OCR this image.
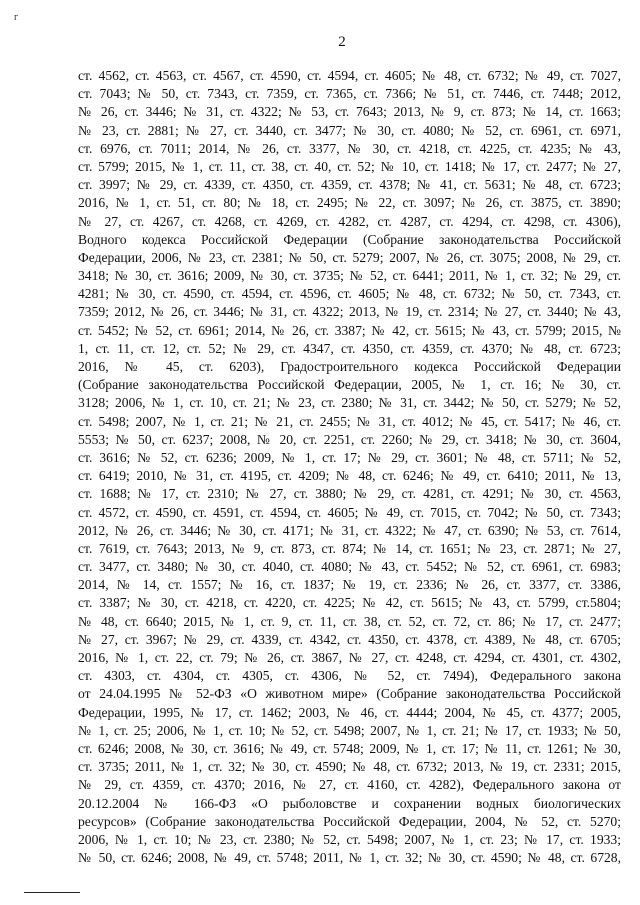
г
2
ст. 4562, ст. 4563, ст. 4567, ст. 4590, ст. 4594, ст. 4605; № 48, ст. 6732; № 49, ст. 7027,
ст. 7043; № 50, ст. 7343, ст. 7359, ст. 7365, ст. 7366; № 51, ст. 7446, ст. 7448; 2012,
№ 26, ст. 3446; № 31, ст. 4322; № 53, ст. 7643; 2013, № 9, ст. 873; № 14, ст. 1663;
№ 23, ст. 2881; № 27, ст. 3440, ст. 3477; № 30, ст. 4080; № 52, ст. 6961, ст. 6971,
ст. 6976, ст. 7011; 2014, № 26, ст. 3377, № 30, ст. 4218, ст. 4225, ст. 4235; № 43,
ст. 5799; 2015, № 1, ст. 11, ст. 38, ст. 40, ст. 52; № 10, ст. 1418; № 17, ст. 2477; № 27,
ст. 3997; № 29, ст. 4339, ст. 4350, ст. 4359, ст. 4378; № 41, ст. 5631; № 48, ст. 6723;
2016, № 1, ст. 51, ст. 80; № 18, ст. 2495; № 22, ст. 3097; № 26, ст. 3875, ст. 3890;
№ 27, ст. 4267, ст. 4268, ст. 4269, ст. 4282, ст. 4287, ст. 4294, ст. 4298, ст. 4306),
Водного кодекса Российской Федерации (Собрание законодательства Российской
Федерации, 2006, № 23, ст. 2381; № 50, ст. 5279; 2007, № 26, ст. 3075; 2008, № 29, ст.
3418; № 30, ст. 3616; 2009, № 30, ст. 3735; № 52, ст. 6441; 2011, № 1, ст. 32; № 29, ст.
4281; № 30, ст. 4590, ст. 4594, ст. 4596, ст. 4605; № 48, ст. 6732; № 50, ст. 7343, ст.
7359; 2012, № 26, ст. 3446; № 31, ст. 4322; 2013, № 19, ст. 2314; № 27, ст. 3440; № 43,
ст. 5452; № 52, ст. 6961; 2014, № 26, ст. 3387; № 42, ст. 5615; № 43, ст. 5799; 2015, №
1, ст. 11, ст. 12, ст. 52; № 29, ст. 4347, ст. 4350, ст. 4359, ст. 4370; № 48, ст. 6723;
2016, № 45, ст. 6203), Градостроительного кодекса Российской Федерации
(Собрание законодательства Российской Федерации, 2005, № 1, ст. 16; № 30, ст.
3128; 2006, № 1, ст. 10, ст. 21; № 23, ст. 2380; № 31, ст. 3442; № 50, ст. 5279; № 52,
ст. 5498; 2007, № 1, ст. 21; № 21, ст. 2455; № 31, ст. 4012; № 45, ст. 5417; № 46, ст.
5553; № 50, ст. 6237; 2008, № 20, ст. 2251, ст. 2260; № 29, ст. 3418; № 30, ст. 3604,
ст. 3616; № 52, ст. 6236; 2009, № 1, ст. 17; № 29, ст. 3601; № 48, ст. 5711; № 52,
ст. 6419; 2010, № 31, ст. 4195, ст. 4209; № 48, ст. 6246; № 49, ст. 6410; 2011, № 13,
ст. 1688; № 17, ст. 2310; № 27, ст. 3880; № 29, ст. 4281, ст. 4291; № 30, ст. 4563,
ст. 4572, ст. 4590, ст. 4591, ст. 4594, ст. 4605; № 49, ст. 7015, ст. 7042; № 50, ст. 7343;
2012, № 26, ст. 3446; № 30, ст. 4171; № 31, ст. 4322; № 47, ст. 6390; № 53, ст. 7614,
ст. 7619, ст. 7643; 2013, № 9, ст. 873, ст. 874; № 14, ст. 1651; № 23, ст. 2871; № 27,
ст. 3477, ст. 3480; № 30, ст. 4040, ст. 4080; № 43, ст. 5452; № 52, ст. 6961, ст. 6983;
2014, № 14, ст. 1557; № 16, ст. 1837; № 19, ст. 2336; № 26, ст. 3377, ст. 3386,
ст. 3387; № 30, ст. 4218, ст. 4220, ст. 4225; № 42, ст. 5615; № 43, ст. 5799, ст.5804;
№ 48, ст. 6640; 2015, № 1, ст. 9, ст. 11, ст. 38, ст. 52, ст. 72, ст. 86; № 17, ст. 2477;
№ 27, ст. 3967; № 29, ст. 4339, ст. 4342, ст. 4350, ст. 4378, ст. 4389, № 48, ст. 6705;
2016, № 1, ст. 22, ст. 79; № 26, ст. 3867, № 27, ст. 4248, ст. 4294, ст. 4301, ст. 4302,
ст. 4303, ст. 4304, ст. 4305, ст. 4306, № 52, ст. 7494), Федерального закона
от 24.04.1995 № 52-ФЗ «О животном мире» (Собрание законодательства Российской
Федерации, 1995, № 17, ст. 1462; 2003, № 46, ст. 4444; 2004, № 45, ст. 4377; 2005,
№ 1, ст. 25; 2006, № 1, ст. 10; № 52, ст. 5498; 2007, № 1, ст. 21; № 17, ст. 1933; № 50,
ст. 6246; 2008, № 30, ст. 3616; № 49, ст. 5748; 2009, № 1, ст. 17; № 11, ст. 1261; № 30,
ст. 3735; 2011, № 1, ст. 32; № 30, ст. 4590; № 48, ст. 6732; 2013, № 19, ст. 2331; 2015,
№ 29, ст. 4359, ст. 4370; 2016, № 27, ст. 4160, ст. 4282), Федерального закона от
20.12.2004 № 166-ФЗ «О рыболовстве и сохранении водных биологических
ресурсов» (Собрание законодательства Российской Федерации, 2004, № 52, ст. 5270;
2006, № 1, ст. 10; № 23, ст. 2380; № 52, ст. 5498; 2007, № 1, ст. 23; № 17, ст. 1933;
№ 50, ст. 6246; 2008, № 49, ст. 5748; 2011, № 1, ст. 32; № 30, ст. 4590; № 48, ст. 6728,
